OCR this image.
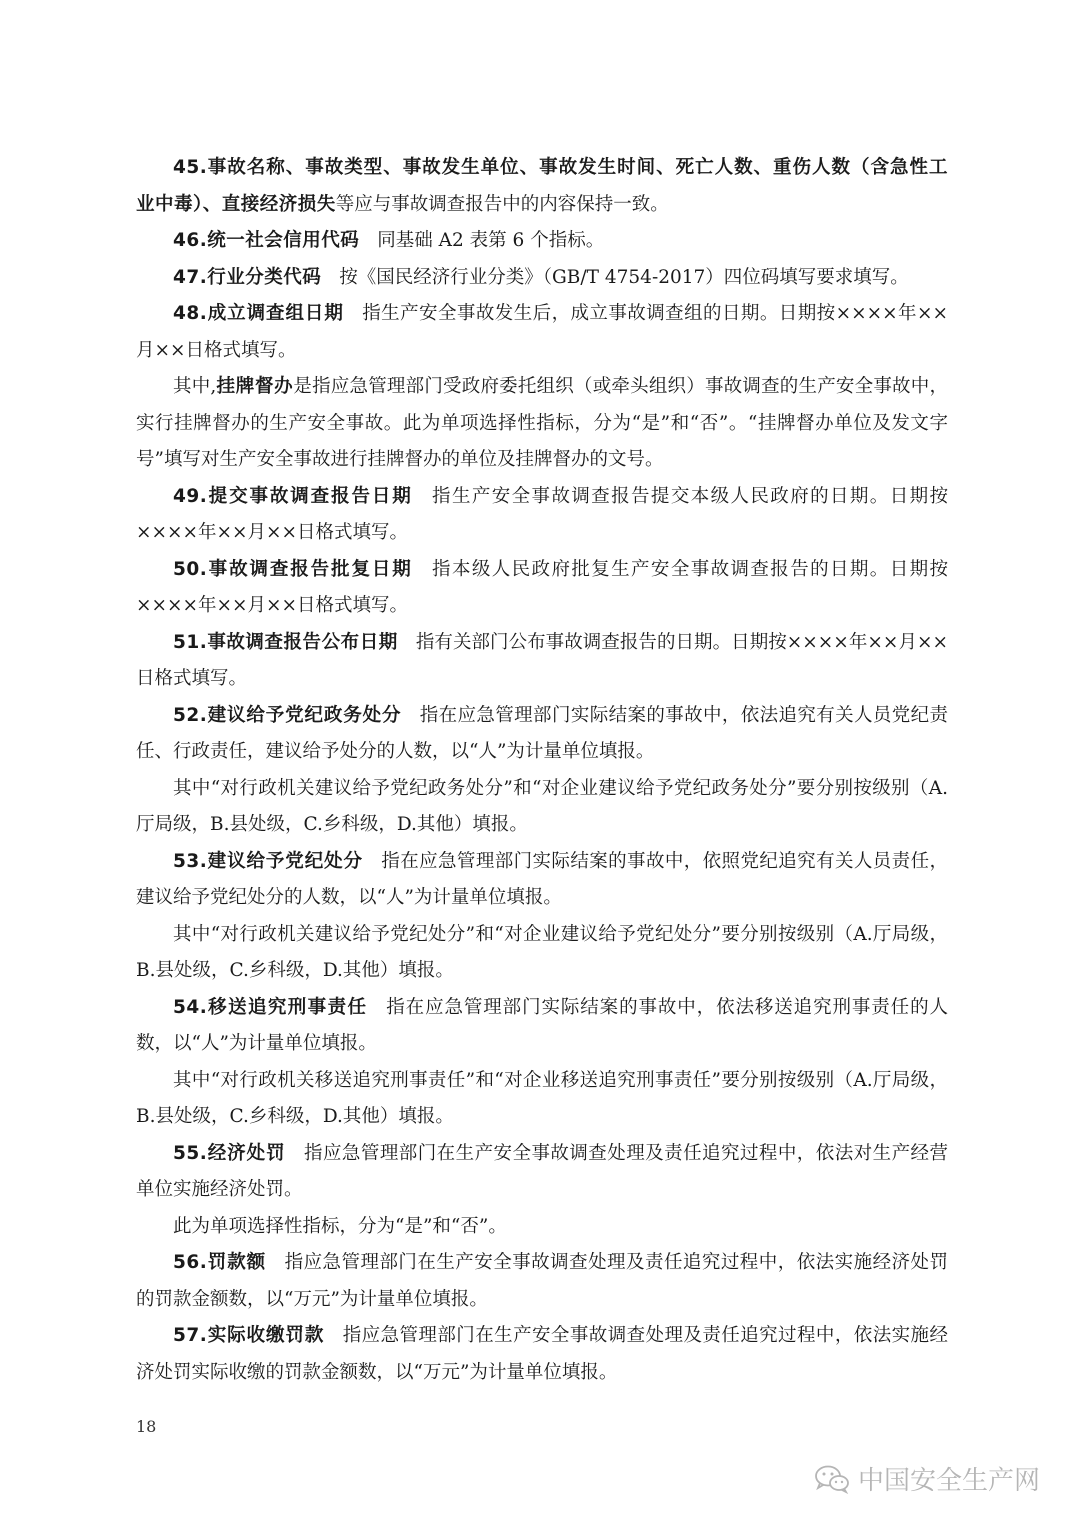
45.事故名称、事故类型、事故发生单位、事故发生时间、死亡人数、重伤人数（含急性工业中毒）、直接经济损失等应与事故调查报告中的内容保持一致。

46.统一社会信用代码 同基础 A2 表第 6 个指标。

47.行业分类代码 按《国民经济行业分类》（GB/T 4754-2017）四位码填写要求填写。

48.成立调查组日期 指生产安全事故发生后，成立事故调查组的日期。日期按××××年××月××日格式填写。

其中,挂牌督办是指应急管理部门受政府委托组织（或牵头组织）事故调查的生产安全事故中，实行挂牌督办的生产安全事故。此为单项选择性指标，分为“是”和“否”。“挂牌督办单位及发文字号”填写对生产安全事故进行挂牌督办的单位及挂牌督办的文号。

49.提交事故调查报告日期 指生产安全事故调查报告提交本级人民政府的日期。日期按××××年××月××日格式填写。

50.事故调查报告批复日期 指本级人民政府批复生产安全事故调查报告的日期。日期按××××年××月××日格式填写。

51.事故调查报告公布日期 指有关部门公布事故调查报告的日期。日期按××××年××月××日格式填写。

52.建议给予党纪政务处分 指在应急管理部门实际结案的事故中，依法追究有关人员党纪责任、行政责任，建议给予处分的人数，以“人”为计量单位填报。

其中“对行政机关建议给予党纪政务处分”和“对企业建议给予党纪政务处分”要分别按级别（A.厅局级，B.县处级，C.乡科级，D.其他）填报。

53.建议给予党纪处分 指在应急管理部门实际结案的事故中，依照党纪追究有关人员责任，建议给予党纪处分的人数，以“人”为计量单位填报。

其中“对行政机关建议给予党纪处分”和“对企业建议给予党纪处分”要分别按级别（A.厅局级，B.县处级，C.乡科级，D.其他）填报。

54.移送追究刑事责任 指在应急管理部门实际结案的事故中，依法移送追究刑事责任的人数，以“人”为计量单位填报。

其中“对行政机关移送追究刑事责任”和“对企业移送追究刑事责任”要分别按级别（A.厅局级，B.县处级，C.乡科级，D.其他）填报。

55.经济处罚 指应急管理部门在生产安全事故调查处理及责任追究过程中，依法对生产经营单位实施经济处罚。

此为单项选择性指标，分为“是”和“否”。

56.罚款额 指应急管理部门在生产安全事故调查处理及责任追究过程中，依法实施经济处罚的罚款金额数，以“万元”为计量单位填报。

57.实际收缴罚款 指应急管理部门在生产安全事故调查处理及责任追究过程中，依法实施经济处罚实际收缴的罚款金额数，以“万元”为计量单位填报。

18
中国安全生产网
